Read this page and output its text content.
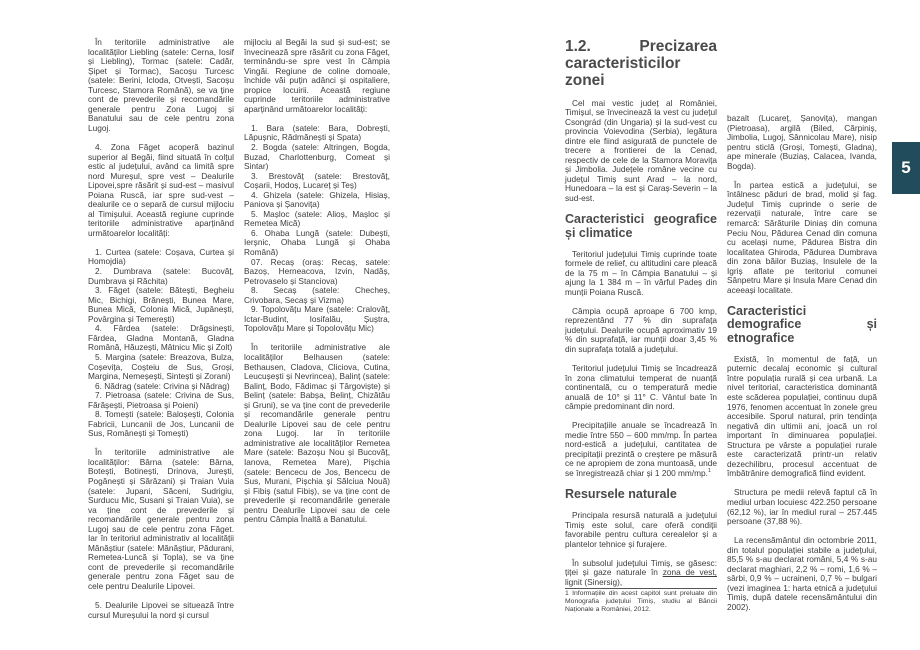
5

În teritoriile administrative ale localităților Liebling (satele: Cerna, Iosif și Liebling), Tormac (satele: Cadăr, Șipet și Tormac), Sacoșu Turcesc (satele: Berini, Icloda, Otvești, Sacoșu Turcesc, Stamora Română), se va ține cont de prevederile și recomandările generale pentru Zona Lugoj și Banatului sau de cele pentru zona Lugoj.

4. Zona Făget acoperă bazinul superior al Begăi, fiind situată în colțul estic al județului, având ca limită spre nord Mureșul, spre vest – Dealurile Lipovei,spre răsărit și sud-est – masivul Poiana Ruscă, iar spre sud-vest – dealurile ce o separă de cursul mijlociu al Timișului. Această regiune cuprinde teritoriile administrative aparținând următoarelor localități:

1. Curtea (satele: Coșava, Curtea și Homojdia)

2. Dumbrava (satele: Bucovăț, Dumbrava și Răchita)

3. Făget (satele: Bătești, Begheiu Mic, Bichigi, Brănești, Bunea Mare, Bunea Mică, Colonia Mică, Jupânești, Povârgina și Temerești)

4. Fârdea (satele: Drăgsinești, Fârdea, Gladna Montană, Gladna Română, Hăuzești, Mâtnicu Mic și Zolt)

5. Margina (satele: Breazova, Bulza, Coșevița, Coșteiu de Sus, Groși, Margina, Nemeșești, Sintești și Zorani)

6. Nădrag (satele: Crivina și Nădrag)

7. Pietroasa (satele: Crivina de Sus, Fărășești, Pietroasa și Poieni)

8. Tomești (satele: Baloșești, Colonia Fabricii, Luncanii de Jos, Luncanii de Sus, Românești și Tomești)

În teritoriile administrative ale localităților: Bârna (satele: Bârna, Botești, Botinești, Drinova, Jurești, Pogănești și Sărăzani) și Traian Vuia (satele: Jupani, Săceni, Sudrigiu, Surducu Mic, Susani și Traian Vuia), se va ține cont de prevederile și recomandările generale pentru zona Lugoj sau de cele pentru zona Făget. Iar în teritoriul administrativ al localității Mănăștiur (satele: Mănăștiur, Pădurani, Remetea-Luncă și Topla), se va ține cont de prevederile și recomandările generale pentru zona Făget sau de cele pentru Dealurile Lipovei.

5. Dealurile Lipovei se situează între cursul Mureșului la nord și cursul

mijlociu al Begăi la sud și sud-est; se învecinează spre răsărit cu zona Făget, terminându-se spre vest în Câmpia Vingăi. Regiune de coline domoale, închide văi puțin adânci și ospitaliere, propice locuirii. Această regiune cuprinde teritoriile administrative aparținând următoarelor localități:

1. Bara (satele: Bara, Dobrești, Lăpușnic, Rădmănești și Spata)

2. Bogda (satele: Altringen, Bogda, Buzad, Charlottenburg, Comeat și Sintar)

3. Brestovăț (satele: Brestovăț, Coșarii, Hodoș, Lucareț și Teș)

4. Ghizela (satele: Ghizela, Hisiaș, Paniova și Șanovița)

5. Mașloc (satele: Alioș, Mașloc și Remetea Mică)

6. Ohaba Lungă (satele: Dubești, Ierșnic, Ohaba Lungă și Ohaba Română)

07. Recaș (oraș: Recaș, satele: Bazoș, Herneacova, Izvin, Nadăș, Petrovaselo și Stanciova)

8. Secaș (satele: Checheș, Crivobara, Secaș și Vizma)

9. Topolovățu Mare (satele: Cralovăț, Ictar-Budint, Iosifalău, Șuștra, Topolovățu Mare și Topolovățu Mic)

În teritoriile administrative ale localităților Belhausen (satele: Bethausen, Cladova, Cliciova, Cutina, Leucușești și Nevrincea), Balinț (satele: Balinț, Bodo, Fădimac și Târgoviște) și Belinț (satele: Babșa, Belinț, Chizătău și Gruni), se va ține cont de prevederile și recomandările generale pentru Dealurile Lipovei sau de cele pentru zona Lugoj. Iar în teritoriile administrative ale localităților Remetea Mare (satele: Bazoșu Nou și Bucovăț, Ianova, Remetea Mare), Pișchia (satele: Bencecu de Jos, Bencecu de Sus, Murani, Pișchia și Sălciua Nouă) și Fibiș (satul Fibiș), se va ține cont de prevederile și recomandările generale pentru Dealurile Lipovei sau de cele pentru Câmpia Înaltă a Banatului.

1.2. Precizarea caracteristicilor zonei

Cel mai vestic județ al României, Timișul, se învecinează la vest cu județul Csongrád (din Ungaria) și la sud-vest cu provincia Voievodina (Serbia), legătura dintre ele fiind asigurată de punctele de trecere a frontierei de la Cenad, respectiv de cele de la Stamora Moravița și Jimbolia. Județele române vecine cu județul Timiș sunt Arad – la nord, Hunedoara – la est și Caraș-Severin – la sud-est.

Caracteristici geografice și climatice

Teritoriul județului Timiș cuprinde toate formele de relief, cu altitudini care pleacă de la 75 m – în Câmpia Banatului – și ajung la 1 384 m – în vârful Padeș din munții Poiana Ruscă.

Câmpia ocupă aproape 6 700 kmp, reprezentând 77 % din suprafața județului. Dealurile ocupă aproximativ 19 % din suprafață, iar munții doar 3,45 % din suprafața totală a județului.

Teritoriul județului Timiș se încadrează în zona climatului temperat de nuanță continentală, cu o temperatură medie anuală de 10° și 11° C. Vântul bate în câmpie predominant din nord.

Precipitațiile anuale se încadrează în medie între 550 – 600 mm/mp. În partea nord-estică a județului, cantitatea de precipitații prezintă o creștere pe măsură ce ne apropiem de zona muntoasă, unde se înregistrează chiar și 1 200 mm/mp.$^1$

Resursele naturale

Principala resursă naturală a județului Timiș este solul, care oferă condiții favorabile pentru cultura cerealelor și a plantelor tehnice și furajere.

În subsolul județului Timiș, se găsesc: țiței și gaze naturale în zona de vest, lignit (Sinersig),

1 Informațiile din acest capitol sunt preluate din Monografia județului Timiș, studiu al Băncii Naționale a României, 2012.

bazalt (Lucareț, Șanovița), mangan (Pietroasa), argilă (Biled, Cărpiniș, Jimbolia, Lugoj, Sânnicolau Mare), nisip pentru sticlă (Groși, Tomești, Gladna), ape minerale (Buziaș, Calacea, Ivanda, Bogda).

În partea estică a județului, se întâlnesc păduri de brad, molid și fag. Județul Timiș cuprinde o serie de rezervații naturale, între care se remarcă: Sărăturile Diniaș din comuna Peciu Nou, Pădurea Cenad din comuna cu același nume, Pădurea Bistra din localitatea Ghiroda, Pădurea Dumbrava din zona băilor Buziaș, Insulele de la Igriș aflate pe teritoriul comunei Sânpetru Mare și Insula Mare Cenad din aceeași localitate.

Caracteristici demografice și etnografice

Există, în momentul de față, un puternic decalaj economic și cultural între populația rurală și cea urbană. La nivel teritorial, caracteristica dominantă este scăderea populației, continuu după 1976, fenomen accentuat în zonele greu accesibile. Sporul natural, prin tendința negativă din ultimii ani, joacă un rol important în diminuarea populației. Structura pe vârste a populației rurale este caracterizată printr-un relativ dezechilibru, procesul accentuat de îmbătrânire demografică fiind evident.

Structura pe medii relevă faptul că în mediul urban locuiesc 422.250 persoane (62,12 %), iar în mediul rural – 257.445 persoane (37,88 %).

La recensământul din octombrie 2011, din totalul populației stabile a județului, 85,5 % s-au declarat români, 5,4 % s-au declarat maghiari, 2,2 % – romi, 1,6 % – sârbi, 0,9 % – ucraineni, 0,7 % – bulgari (vezi imaginea 1: harta etnică a județului Timiș, după datele recensământului din 2002).
